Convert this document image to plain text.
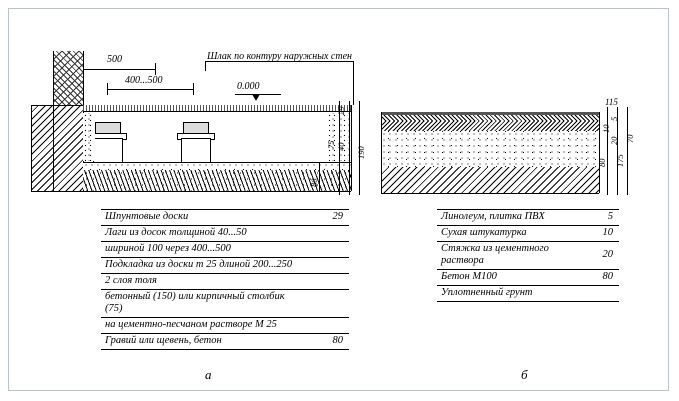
Шлак по контуру наружных стен
0.000
500
400...500
29
75 40 190
80
115
5
10
20 70
175
80
Шпунтовые доски	29
Лаги из досок толщиной 40...50	
шириной 100 через 400...500	
Подкладка из доски т 25 длиной 200...250	
2 слоя толя	
бетонный (150) или кирпичный столбик (75)	
на цементно-песчаном растворе М 25	
Гравий или щевень, бетон	80
Линолеум, плитка ПВХ	5
Сухая штукатурка	10
Стяжка из цементного раствора	20
Бетон М100	80
Уплотненный грунт	
а	б
